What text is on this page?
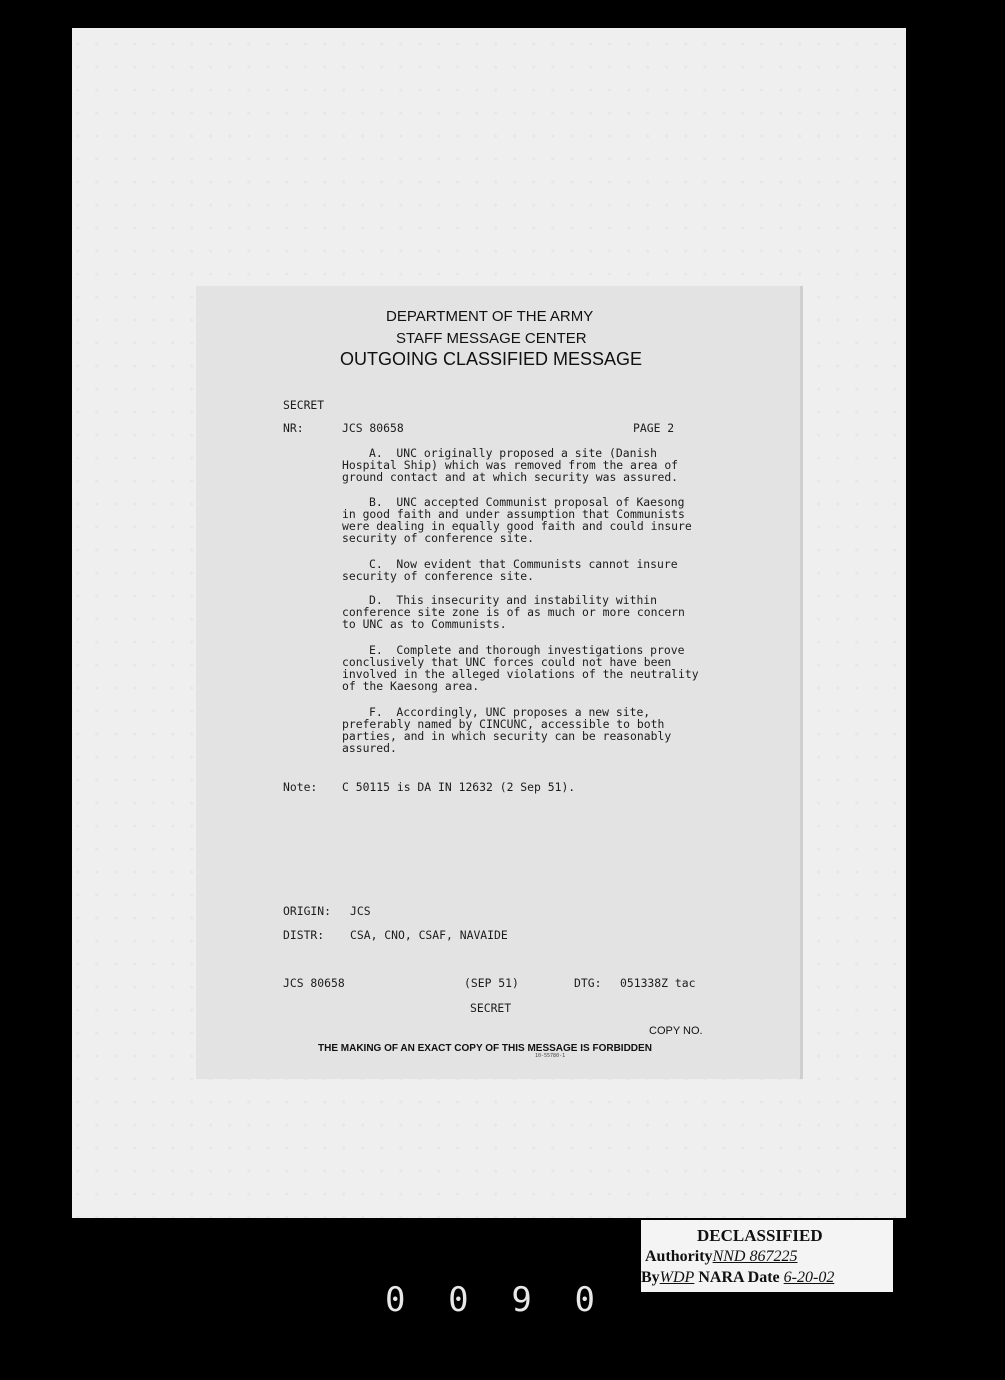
DEPARTMENT OF THE ARMY
STAFF MESSAGE CENTER
OUTGOING CLASSIFIED MESSAGE
SECRET
NR:	JCS 80658	PAGE 2
A.  UNC originally proposed a site (Danish
Hospital Ship) which was removed from the area of
ground contact and at which security was assured.
B.  UNC accepted Communist proposal of Kaesong
in good faith and under assumption that Communists
were dealing in equally good faith and could insure
security of conference site.
C.  Now evident that Communists cannot insure
security of conference site.
D.  This insecurity and instability within
conference site zone is of as much or more concern
to UNC as to Communists.
E.  Complete and thorough investigations prove
conclusively that UNC forces could not have been
involved in the alleged violations of the neutrality
of the Kaesong area.
F.  Accordingly, UNC proposes a new site,
preferably named by CINCUNC, accessible to both
parties, and in which security can be reasonably
assured.
Note: C 50115 is DA IN 12632 (2 Sep 51).
ORIGIN: JCS
DISTR: CSA, CNO, CSAF, NAVAIDE
JCS 80658	(SEP 51)	DTG: 051338Z tac
SECRET
COPY NO.
THE MAKING OF AN EXACT COPY OF THIS MESSAGE IS FORBIDDEN
10-55780-1
DECLASSIFIED
AuthorityNND 867225
ByWDP NARA Date 6-20-02
0 0 9 0
